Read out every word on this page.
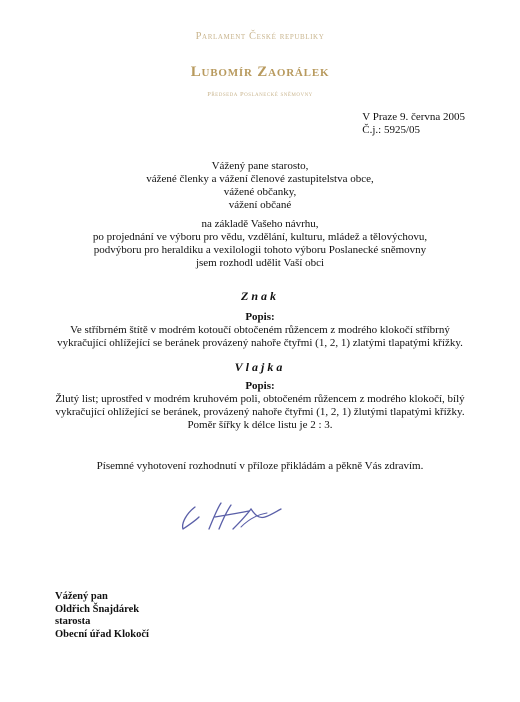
Parlament České republiky
Lubomír Zaorálek
Předseda Poslanecké sněmovny
V Praze 9. června 2005
Č.j.: 5925/05
Vážený pane starosto,
vážené členky a vážení členové zastupitelstva obce,
vážené občanky,
vážení občané
na základě Vašeho návrhu,
po projednání ve výboru pro vědu, vzdělání, kulturu, mládež a tělovýchovu,
podvýboru pro heraldiku a vexilologii tohoto výboru Poslanecké sněmovny
jsem rozhodl udělit Vaší obci
Znak
Popis:
Ve stříbrném štítě v modrém kotoučí obtočeném růžencem z modrého klokočí stříbrný
vykračující ohlížející se beránek provázený nahoře čtyřmi (1, 2, 1) zlatými tlapatými křížky.
Vlajka
Popis:
Žlutý list; uprostřed v modrém kruhovém poli, obtočeném růžencem z modrého klokočí, bílý
vykračující ohlížející se beránek, provázený nahoře čtyřmi (1, 2, 1) žlutými tlapatými křížky.
Poměr šířky k délce listu je 2 : 3.
Písemné vyhotovení rozhodnutí v příloze přikládám a pěkně Vás zdravím.
Vážený pan
Oldřich Šnajdárek
starosta
Obecní úřad Klokočí
